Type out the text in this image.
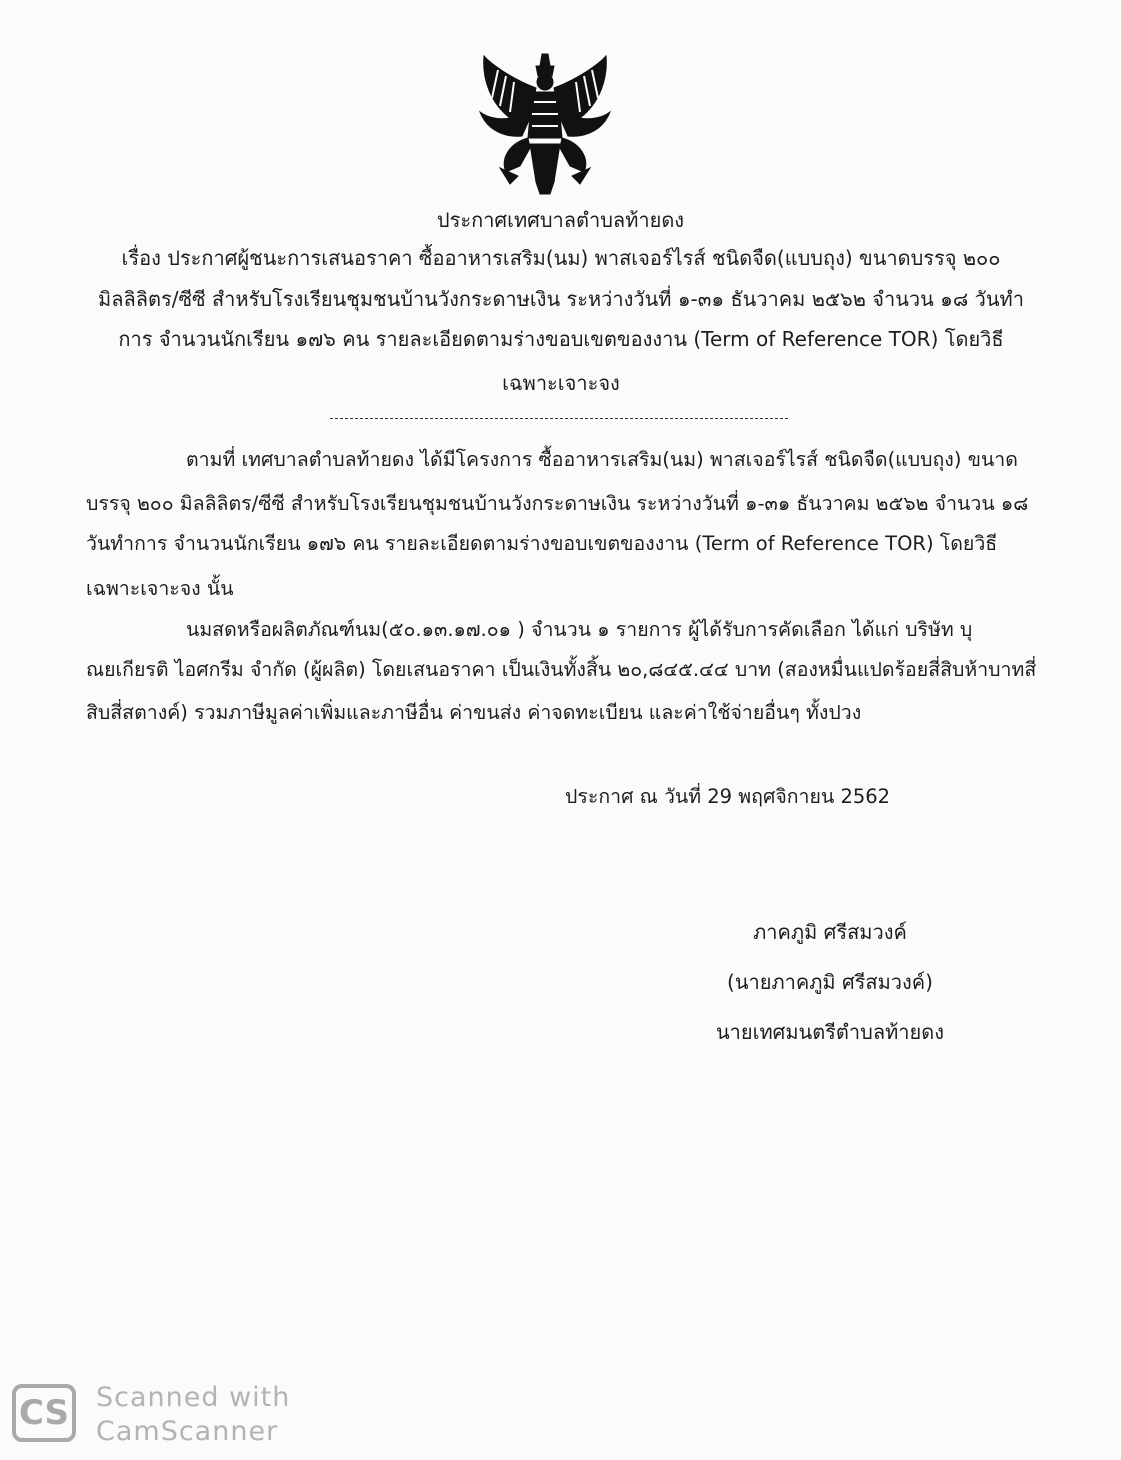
ประกาศเทศบาลตำบลท้ายดง
เรื่อง ประกาศผู้ชนะการเสนอราคา ซื้ออาหารเสริม(นม) พาสเจอร์ไรส์ ชนิดจืด(แบบถุง) ขนาดบรรจุ ๒๐๐
มิลลิลิตร/ซีซี สำหรับโรงเรียนชุมชนบ้านวังกระดาษเงิน ระหว่างวันที่ ๑-๓๑ ธันวาคม ๒๕๖๒ จำนวน ๑๘ วันทำ
การ จำนวนนักเรียน ๑๗๖ คน รายละเอียดตามร่างขอบเขตของงาน (Term of Reference TOR) โดยวิธี
เฉพาะเจาะจง
ตามที่ เทศบาลตำบลท้ายดง ได้มีโครงการ ซื้ออาหารเสริม(นม) พาสเจอร์ไรส์ ชนิดจืด(แบบถุง) ขนาด
บรรจุ ๒๐๐ มิลลิลิตร/ซีซี สำหรับโรงเรียนชุมชนบ้านวังกระดาษเงิน ระหว่างวันที่ ๑-๓๑ ธันวาคม ๒๕๖๒ จำนวน ๑๘
วันทำการ จำนวนนักเรียน ๑๗๖ คน รายละเอียดตามร่างขอบเขตของงาน (Term of Reference TOR) โดยวิธี
เฉพาะเจาะจง นั้น
นมสดหรือผลิตภัณฑ์นม(๕๐.๑๓.๑๗.๐๑ ) จำนวน ๑ รายการ ผู้ได้รับการคัดเลือก ได้แก่ บริษัท บุ
ณยเกียรติ ไอศกรีม จำกัด (ผู้ผลิต) โดยเสนอราคา เป็นเงินทั้งสิ้น ๒๐,๘๔๕.๔๔ บาท (สองหมื่นแปดร้อยสี่สิบห้าบาทสี่
สิบสี่สตางค์) รวมภาษีมูลค่าเพิ่มและภาษีอื่น ค่าขนส่ง ค่าจดทะเบียน และค่าใช้จ่ายอื่นๆ ทั้งปวง
ประกาศ ณ วันที่ 29 พฤศจิกายน 2562
ภาคภูมิ ศรีสมวงค์
(นายภาคภูมิ ศรีสมวงค์)
นายเทศมนตรีตำบลท้ายดง
CS Scanned with
CamScanner
